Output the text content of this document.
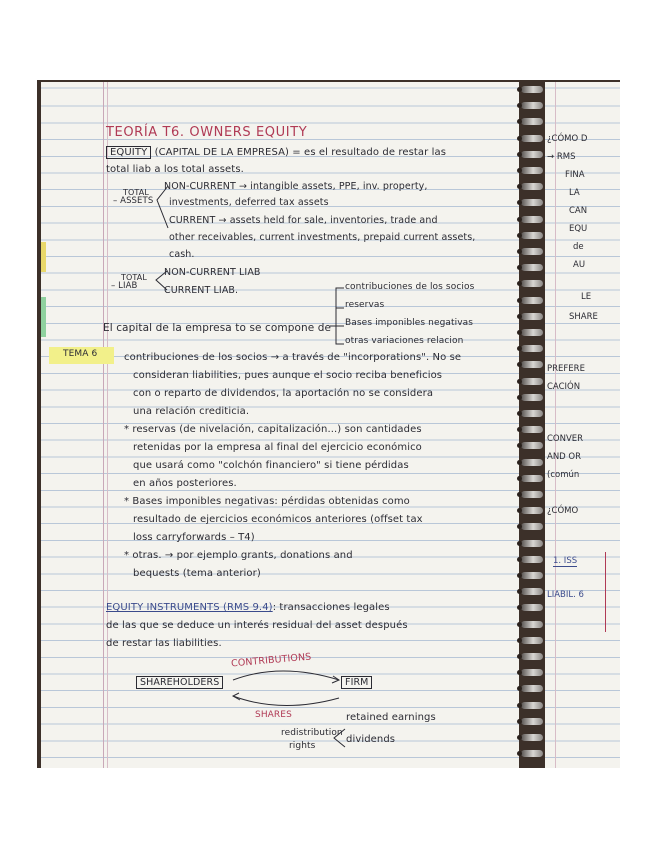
TEMA 6
TEORÍA T6. OWNERS EQUITY
EQUITY (CAPITAL DE LA EMPRESA) = es el resultado de restar las
total liab a los total assets.
TOTAL
– ASSETS
NON-CURRENT → intangible assets, PPE, inv. property,
investments, deferred tax assets
CURRENT → assets held for sale, inventories, trade and
other receivables, current investments, prepaid current assets,
cash.
TOTAL
– LIAB
NON-CURRENT LIAB
CURRENT LIAB.
El capital de la empresa to se compone de
contribuciones de los socios
reservas
Bases imponibles negativas
otras variaciones relacion
contribuciones de los socios → a través de "incorporations". No se
consideran liabilities, pues aunque el socio reciba beneficios
con o reparto de dividendos, la aportación no se considera
una relación crediticia.
* reservas (de nivelación, capitalización...) son cantidades
retenidas por la empresa al final del ejercicio económico
que usará como "colchón financiero" si tiene pérdidas
en años posteriores.
* Bases imponibles negativas: pérdidas obtenidas como
resultado de ejercicios económicos anteriores (offset tax
loss carryforwards – T4)
* otras. → por ejemplo grants, donations and
bequests (tema anterior)
EQUITY INSTRUMENTS (RMS 9.4): transacciones legales
de las que se deduce un interés residual del asset después
de restar las liabilities.
CONTRIBUTIONS
SHAREHOLDERS	FIRM
SHARES	retained earnings
redistribution
rights
dividends
¿CÓMO D
→ RMS
FINA
LA
CAN
EQU
de
AU
LE
SHARE
PREFERE
CACIÓN
CONVER
AND OR
(común
¿CÓMO
1. ISS
LIABIL. 6
